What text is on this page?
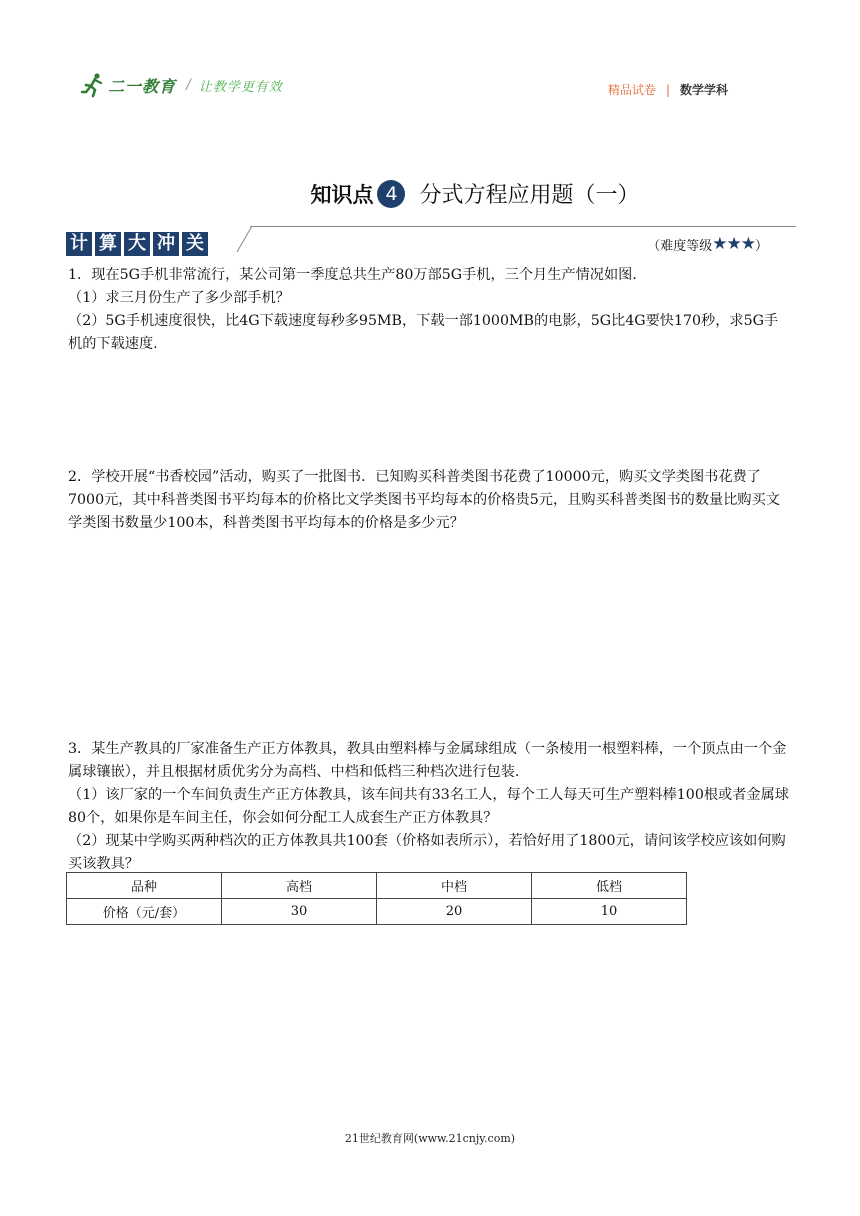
二一教育 / 让教学更有效	精品试卷 | 数学学科
知识点 4 分式方程应用题（一）
计 算 大 冲 关	（难度等级 ★★★ ）

1．现在5G手机非常流行，某公司第一季度总共生产80万部5G手机，三个月生产情况如图.

（1）求三月份生产了多少部手机？

（2）5G手机速度很快，比4G下载速度每秒多95MB，下载一部1000MB的电影，5G比4G要快170秒，求5G手机的下载速度.

2．学校开展“书香校园”活动，购买了一批图书．已知购买科普类图书花费了10000元，购买文学类图书花费了7000元，其中科普类图书平均每本的价格比文学类图书平均每本的价格贵5元，且购买科普类图书的数量比购买文学类图书数量少100本，科普类图书平均每本的价格是多少元？

3．某生产教具的厂家准备生产正方体教具，教具由塑料棒与金属球组成（一条棱用一根塑料棒，一个顶点由一个金属球镶嵌），并且根据材质优劣分为高档、中档和低档三种档次进行包装.

（1）该厂家的一个车间负责生产正方体教具，该车间共有33名工人，每个工人每天可生产塑料棒100根或者金属球80个，如果你是车间主任，你会如何分配工人成套生产正方体教具？

（2）现某中学购买两种档次的正方体教具共100套（价格如表所示），若恰好用了1800元，请问该学校应该如何购买该教具？

品种	高档	中档	低档
价格（元/套）	30	20	10
21世纪教育网(www.21cnjy.com)
